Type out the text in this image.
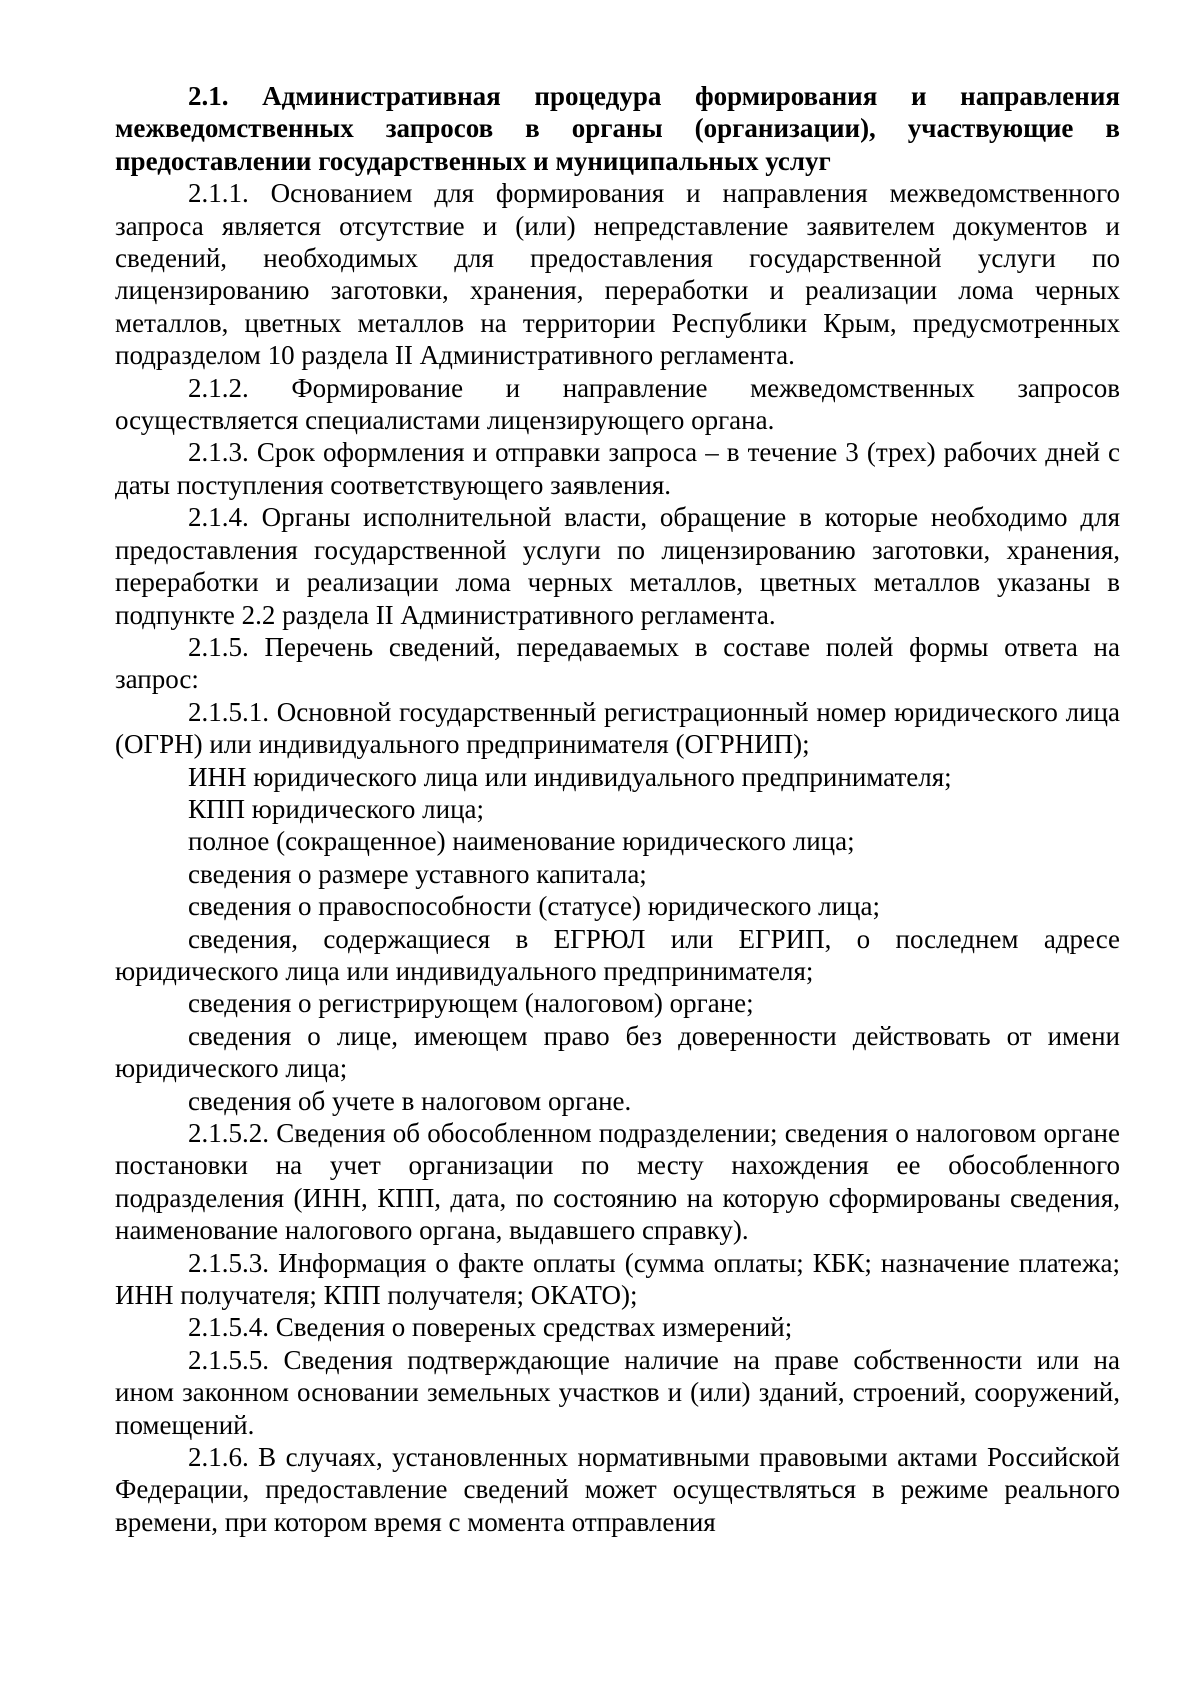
2.1. Административная процедура формирования и направления межведомственных запросов в органы (организации), участвующие в предоставлении государственных и муниципальных услуг

2.1.1. Основанием для формирования и направления межведомственного запроса является отсутствие и (или) непредставление заявителем документов и сведений, необходимых для предоставления государственной услуги по лицензированию заготовки, хранения, переработки и реализации лома черных металлов, цветных металлов на территории Республики Крым, предусмотренных подразделом 10 раздела II Административного регламента.

2.1.2. Формирование и направление межведомственных запросов осуществляется специалистами лицензирующего органа.

2.1.3. Срок оформления и отправки запроса – в течение 3 (трех) рабочих дней с даты поступления соответствующего заявления.

2.1.4. Органы исполнительной власти, обращение в которые необходимо для предоставления государственной услуги по лицензированию заготовки, хранения, переработки и реализации лома черных металлов, цветных металлов указаны в подпункте 2.2 раздела II Административного регламента.

2.1.5. Перечень сведений, передаваемых в составе полей формы ответа на запрос:

2.1.5.1. Основной государственный регистрационный номер юридического лица (ОГРН) или индивидуального предпринимателя (ОГРНИП);

ИНН юридического лица или индивидуального предпринимателя;

КПП юридического лица;

полное (сокращенное) наименование юридического лица;

сведения о размере уставного капитала;

сведения о правоспособности (статусе) юридического лица;

сведения, содержащиеся в ЕГРЮЛ или ЕГРИП, о последнем адресе юридического лица или индивидуального предпринимателя;

сведения о регистрирующем (налоговом) органе;

сведения о лице, имеющем право без доверенности действовать от имени юридического лица;

сведения об учете в налоговом органе.

2.1.5.2. Сведения об обособленном подразделении; сведения о налоговом органе постановки на учет организации по месту нахождения ее обособленного подразделения (ИНН, КПП, дата, по состоянию на которую сформированы сведения, наименование налогового органа, выдавшего справку).

2.1.5.3. Информация о факте оплаты (сумма оплаты; КБК; назначение платежа; ИНН получателя; КПП получателя; ОКАТО);

2.1.5.4. Сведения о повереных средствах измерений;

2.1.5.5. Сведения подтверждающие наличие на праве собственности или на ином законном основании земельных участков и (или) зданий, строений, сооружений, помещений.

2.1.6. В случаях, установленных нормативными правовыми актами Российской Федерации, предоставление сведений может осуществляться в режиме реального времени, при котором время с момента отправления
